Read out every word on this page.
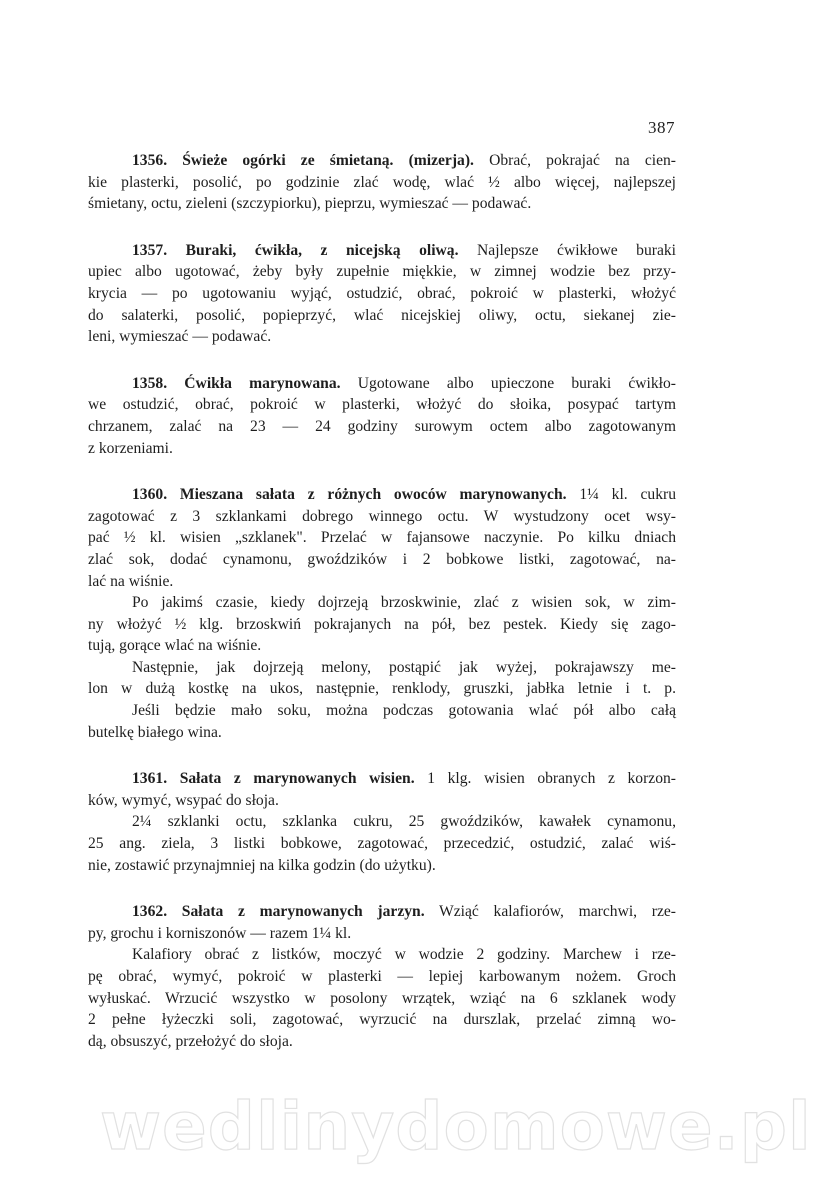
387
1356. Świeże ogórki ze śmietaną. (mizerja). Obrać, pokrajać na cien-
kie plasterki, posolić, po godzinie zlać wodę, wlać ½ albo więcej, najlepszej
śmietany, octu, zieleni (szczypiorku), pieprzu, wymieszać — podawać.
1357. Buraki, ćwikła, z nicejską oliwą. Najlepsze ćwikłowe buraki
upiec albo ugotować, żeby były zupełnie miękkie, w zimnej wodzie bez przy-
krycia — po ugotowaniu wyjąć, ostudzić, obrać, pokroić w plasterki, włożyć
do salaterki, posolić, popieprzyć, wlać nicejskiej oliwy, octu, siekanej zie-
leni, wymieszać — podawać.
1358. Ćwikła marynowana. Ugotowane albo upieczone buraki ćwikło-
we ostudzić, obrać, pokroić w plasterki, włożyć do słoika, posypać tartym
chrzanem, zalać na 23 — 24 godziny surowym octem albo zagotowanym
z korzeniami.
1360. Mieszana sałata z różnych owoców marynowanych. 1¼ kl. cukru
zagotować z 3 szklankami dobrego winnego octu. W wystudzony ocet wsy-
pać ½ kl. wisien „szklanek". Przelać w fajansowe naczynie. Po kilku dniach
zlać sok, dodać cynamonu, gwoździków i 2 bobkowe listki, zagotować, na-
lać na wiśnie.
Po jakimś czasie, kiedy dojrzeją brzoskwinie, zlać z wisien sok, w zim-
ny włożyć ½ klg. brzoskwiń pokrajanych na pół, bez pestek. Kiedy się zago-
tują, gorące wlać na wiśnie.
Następnie, jak dojrzeją melony, postąpić jak wyżej, pokrajawszy me-
lon w dużą kostkę na ukos, następnie, renklody, gruszki, jabłka letnie i t. p.
Jeśli będzie mało soku, można podczas gotowania wlać pół albo całą
butelkę białego wina.
1361. Sałata z marynowanych wisien. 1 klg. wisien obranych z korzon-
ków, wymyć, wsypać do słoja.
2¼ szklanki octu, szklanka cukru, 25 gwoździków, kawałek cynamonu,
25 ang. ziela, 3 listki bobkowe, zagotować, przecedzić, ostudzić, zalać wiś-
nie, zostawić przynajmniej na kilka godzin (do użytku).
1362. Sałata z marynowanych jarzyn. Wziąć kalafiorów, marchwi, rze-
py, grochu i korniszonów — razem 1¼ kl.
Kalafiory obrać z listków, moczyć w wodzie 2 godziny. Marchew i rze-
pę obrać, wymyć, pokroić w plasterki — lepiej karbowanym nożem. Groch
wyłuskać. Wrzucić wszystko w posolony wrzątek, wziąć na 6 szklanek wody
2 pełne łyżeczki soli, zagotować, wyrzucić na durszlak, przelać zimną wo-
dą, obsuszyć, przełożyć do słoja.
wedlinydomowe.pl
